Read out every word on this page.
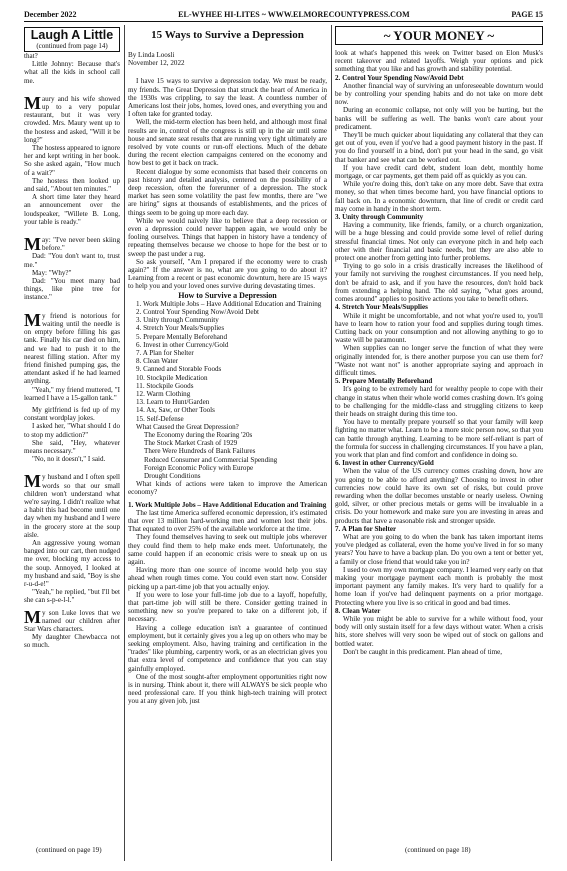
December 2022	EL-WYHEE HI-LITES ~ WWW.ELMORECOUNTYPRESS.COM	PAGE 15
Laugh A Little
(continued from page 14)

that?

Little Johnny: Because that's what all the kids in school call me.

Maury and his wife showed up to a very popular restaurant, but it was very crowded. Mrs. Maury went up to the hostess and asked, "Will it be long?"

The hostess appeared to ignore her and kept writing in her book. So she asked again, "How much of a wait?"

The hostess then looked up and said, "About ten minutes."

A short time later they heard an announcement over the loudspeaker, "Willete B. Long, your table is ready."

May: "I've never been skiing before."

Dad: "You don't want to, trust me."

May: "Why?"

Dad: "You meet many bad things, like pine tree for instance."

My friend is notorious for waiting until the needle is on empty before filling his gas tank. Finally his car died on him, and we had to push it to the nearest filling station. After my friend finished pumping gas, the attendant asked if he had learned anything.

"Yeah," my friend muttered, "I learned I have a 15-gallon tank."

My girlfriend is fed up of my constant wordplay jokes.

I asked her, "What should I do to stop my addiction?"

She said, "Hey, whatever means necessary."

"No, no it doesn't," I said.

My husband and I often spell words so that our small children won't understand what we're saying. I didn't realize what a habit this had become until one day when my husband and I were in the grocery store at the soup aisle.

An aggressive young woman banged into our cart, then nudged me over, blocking my access to the soup. Annoyed, I looked at my husband and said, "Boy is she r-u-d-e!"

"Yeah," he replied, "but I'll bet she can s-p-e-l-l."

My son Luke loves that we named our children after Star Wars characters.

My daughter Chewbacca not so much.

(continued on page 19)
15 Ways to Survive a Depression
By Linda Loosli
November 12, 2022

I have 15 ways to survive a depression today. We must be ready, my friends. The Great Depression that struck the heart of America in the 1930s was crippling, to say the least. A countless number of Americans lost their jobs, homes, loved ones, and everything you and I often take for granted today.

Well, the mid-term election has been held, and although most final results are in, control of the congress is still up in the air until some house and senate seat results that are running very tight ultimately are resolved by vote counts or run-off elections. Much of the debate during the recent election campaigns centered on the economy and how best to get it back on track.

Recent dialogue by some economists that based their concerns on past history and detailed analysis, centered on the possibility of a deep recession, often the forerunner of a depression. The stock market has seen some volatility the past few months, there are "we are hiring" signs at thousands of establishments, and the prices of things seem to be going up more each day.

While we would naively like to believe that a deep recession or even a depression could never happen again, we would only be fooling ourselves. Things that happen in history have a tendency of repeating themselves because we choose to hope for the best or to sweep the past under a rug.

So ask yourself, "Am I prepared if the economy were to crash again?" If the answer is no, what are you going to do about it? Learning from a recent or past economic downturn, here are 15 ways to help you and your loved ones survive during devastating times.

How to Survive a Depression

1. Work Multiple Jobs – Have Additional Education and Training

2. Control Your Spending Now/Avoid Debt

3. Unity through Community

4. Stretch Your Meals/Supplies

5. Prepare Mentally Beforehand

6. Invest in other Currency/Gold

7. A Plan for Shelter

8. Clean Water

9. Canned and Storable Foods

10. Stockpile Medication

11. Stockpile Goods

12. Warm Clothing

13. Learn to Hunt/Garden

14. Ax, Saw, or Other Tools

15. Self-Defense

What Caused the Great Depression?

The Economy during the Roaring '20s

The Stock Market Crash of 1929

There Were Hundreds of Bank Failures

Reduced Consumer and Commercial Spending

Foreign Economic Policy with Europe

Drought Conditions

What kinds of actions were taken to improve the American economy?

1. Work Multiple Jobs – Have Additional Education and Training

The last time America suffered economic depression, it's estimated that over 13 million hard-working men and women lost their jobs. That equated to over 25% of the available workforce at the time.

They found themselves having to seek out multiple jobs wherever they could find them to help make ends meet. Unfortunately, the same could happen if an economic crisis were to sneak up on us again.

Having more than one source of income would help you stay ahead when rough times come. You could even start now. Consider picking up a part-time job that you actually enjoy.

If you were to lose your full-time job due to a layoff, hopefully, that part-time job will still be there. Consider getting trained in something new so you're prepared to take on a different job, if necessary.

Having a college education isn't a guarantee of continued employment, but it certainly gives you a leg up on others who may be seeking employment. Also, having training and certification in the "trades" like plumbing, carpentry work, or as an electrician gives you that extra level of competence and confidence that you can stay gainfully employed.

One of the most sought-after employment opportunities right now is in nursing. Think about it, there will ALWAYS be sick people who need professional care. If you think high-tech training will protect you at any given job, just

~ YOUR MONEY ~

look at what's happened this week on Twitter based on Elon Musk's recent takeover and related layoffs. Weigh your options and pick something that you like and has growth and stability potential.

2. Control Your Spending Now/Avoid Debt

Another financial way of surviving an unforeseeable downturn would be by controlling your spending habits and do not take on more debt now.

During an economic collapse, not only will you be hurting, but the banks will be suffering as well. The banks won't care about your predicament.

They'll be much quicker about liquidating any collateral that they can get out of you, even if you've had a good payment history in the past. If you do find yourself in a bind, don't put your head in the sand, go visit that banker and see what can be worked out.

If you have credit card debt, student loan debt, monthly home mortgage, or car payments, get them paid off as quickly as you can.

While you're doing this, don't take on any more debt. Save that extra money, so that when times become hard, you have financial options to fall back on. In a economic downturn, that line of credit or credit card may come in handy in the short term.

3. Unity through Community

Having a community, like friends, family, or a church organization, will be a huge blessing and could provide some level of relief during stressful financial times. Not only can everyone pitch in and help each other with their financial and basic needs, but they are also able to protect one another from getting into further problems.

Trying to go solo in a crisis drastically increases the likelihood of your family not surviving the roughest circumstances. If you need help, don't be afraid to ask, and if you have the resources, don't hold back from extending a helping hand. The old saying, "what goes around, comes around" applies to positive actions you take to benefit others.

4. Stretch Your Meals/Supplies

While it might be uncomfortable, and not what you're used to, you'll have to learn how to ration your food and supplies during tough times. Cutting back on your consumption and not allowing anything to go to waste will be paramount.

When supplies can no longer serve the function of what they were originally intended for, is there another purpose you can use them for? "Waste not want not" is another appropriate saying and approach in difficult times.

5. Prepare Mentally Beforehand

It's going to be extremely hard for wealthy people to cope with their change in status when their whole world comes crashing down. It's going to be challenging for the middle-class and struggling citizens to keep their heads on straight during this time too.

You have to mentally prepare yourself so that your family will keep fighting no matter what. Learn to be a more stoic person now, so that you can battle through anything. Learning to be more self-reliant is part of the formula for success in challenging circumstances. If you have a plan, you work that plan and find comfort and confidence in doing so.

6. Invest in other Currency/Gold

When the value of the US currency comes crashing down, how are you going to be able to afford anything? Choosing to invest in other currencies now could have its own set of risks, but could prove rewarding when the dollar becomes unstable or nearly useless. Owning gold, silver, or other precious metals or gems will be invaluable in a crisis. Do your homework and make sure you are investing in areas and products that have a reasonable risk and stronger upside.

7. A Plan for Shelter

What are you going to do when the bank has taken important items you've pledged as collateral, even the home you've lived in for so many years? You have to have a backup plan. Do you own a tent or better yet, a family or close friend that would take you in?

I used to own my own mortgage company. I learned very early on that making your mortgage payment each month is probably the most important payment any family makes. It's very hard to qualify for a home loan if you've had delinquent payments on a prior mortgage. Protecting where you live is so critical in good and bad times.

8. Clean Water

While you might be able to survive for a while without food, your body will only sustain itself for a few days without water. When a crisis hits, store shelves will very soon be wiped out of stock on gallons and bottled water.

Don't be caught in this predicament. Plan ahead of time,

(continued on page 18)
